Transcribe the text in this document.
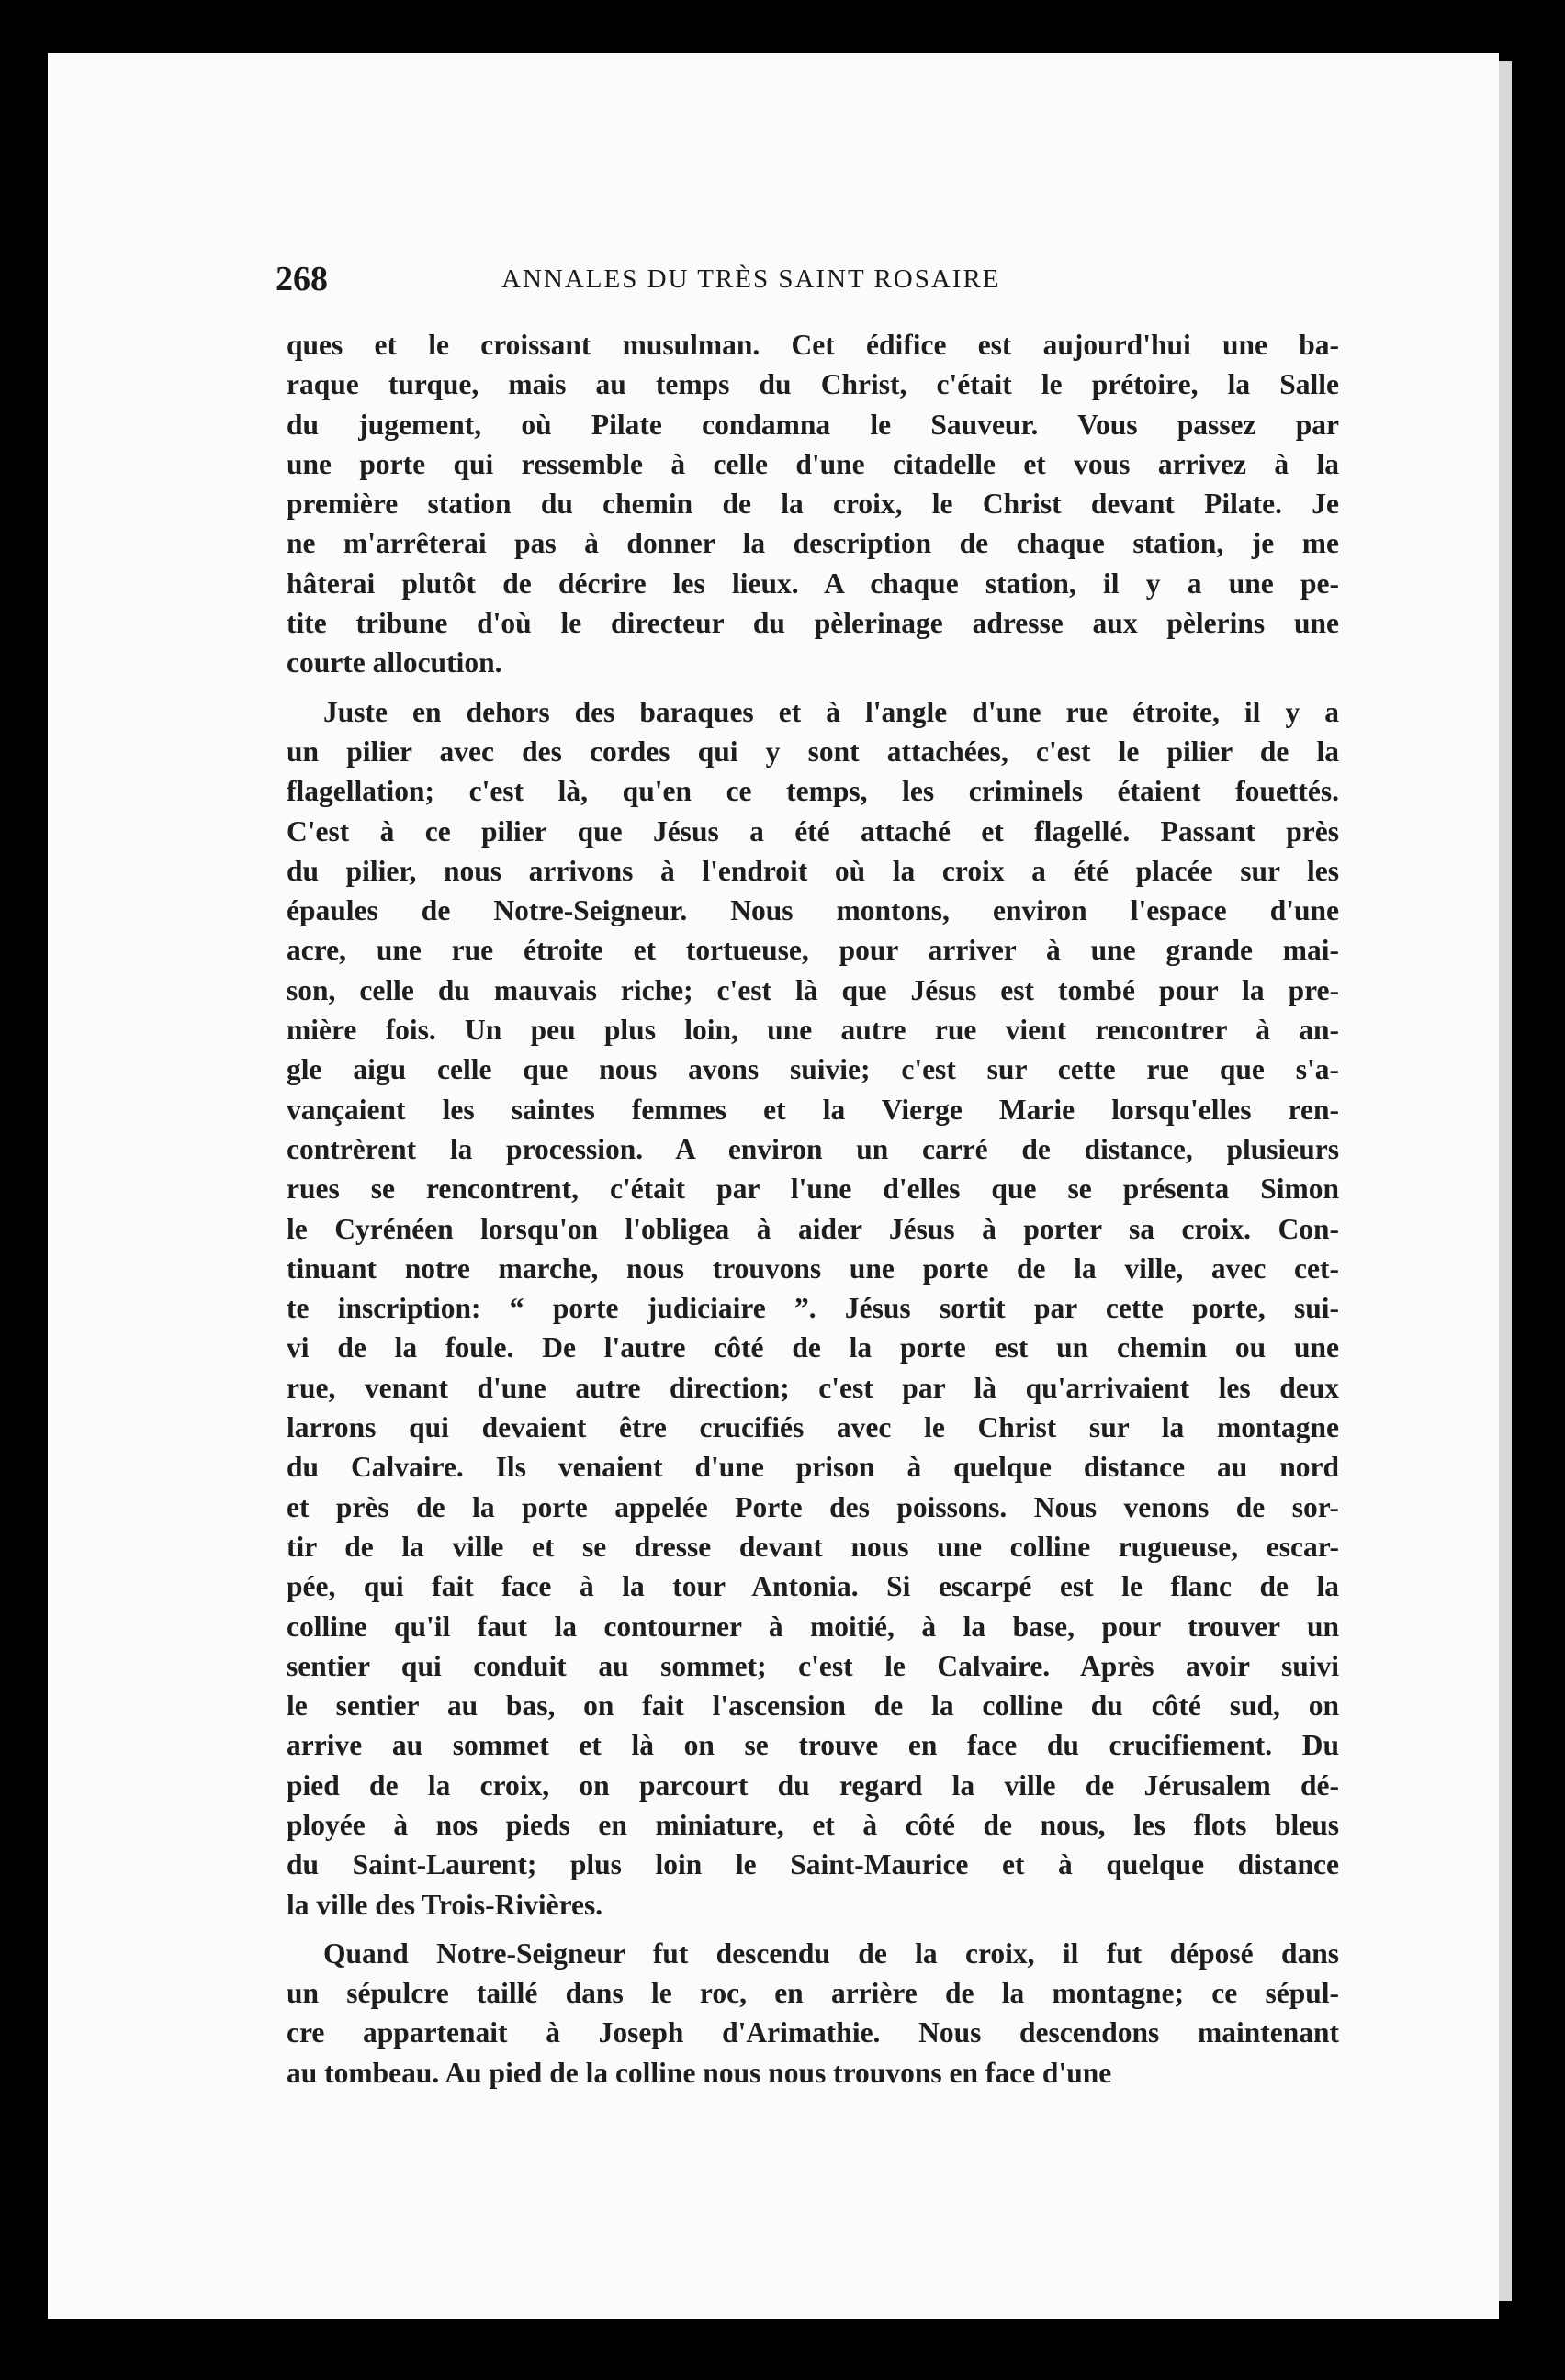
268	ANNALES DU TRÈS SAINT ROSAIRE
ques et le croissant musulman. Cet édifice est aujourd'hui une ba-
raque turque, mais au temps du Christ, c'était le prétoire, la Salle
du jugement, où Pilate condamna le Sauveur. Vous passez par
une porte qui ressemble à celle d'une citadelle et vous arrivez à la
première station du chemin de la croix, le Christ devant Pilate. Je
ne m'arrêterai pas à donner la description de chaque station, je me
hâterai plutôt de décrire les lieux. A chaque station, il y a une pe-
tite tribune d'où le directeur du pèlerinage adresse aux pèlerins une
courte allocution.
Juste en dehors des baraques et à l'angle d'une rue étroite, il y a
un pilier avec des cordes qui y sont attachées, c'est le pilier de la
flagellation; c'est là, qu'en ce temps, les criminels étaient fouettés.
C'est à ce pilier que Jésus a été attaché et flagellé. Passant près
du pilier, nous arrivons à l'endroit où la croix a été placée sur les
épaules de Notre-Seigneur. Nous montons, environ l'espace d'une
acre, une rue étroite et tortueuse, pour arriver à une grande mai-
son, celle du mauvais riche; c'est là que Jésus est tombé pour la pre-
mière fois. Un peu plus loin, une autre rue vient rencontrer à an-
gle aigu celle que nous avons suivie; c'est sur cette rue que s'a-
vançaient les saintes femmes et la Vierge Marie lorsqu'elles ren-
contrèrent la procession. A environ un carré de distance, plusieurs
rues se rencontrent, c'était par l'une d'elles que se présenta Simon
le Cyrénéen lorsqu'on l'obligea à aider Jésus à porter sa croix. Con-
tinuant notre marche, nous trouvons une porte de la ville, avec cet-
te inscription: “ porte judiciaire ”. Jésus sortit par cette porte, sui-
vi de la foule. De l'autre côté de la porte est un chemin ou une
rue, venant d'une autre direction; c'est par là qu'arrivaient les deux
larrons qui devaient être crucifiés avec le Christ sur la montagne
du Calvaire. Ils venaient d'une prison à quelque distance au nord
et près de la porte appelée Porte des poissons. Nous venons de sor-
tir de la ville et se dresse devant nous une colline rugueuse, escar-
pée, qui fait face à la tour Antonia. Si escarpé est le flanc de la
colline qu'il faut la contourner à moitié, à la base, pour trouver un
sentier qui conduit au sommet; c'est le Calvaire. Après avoir suivi
le sentier au bas, on fait l'ascension de la colline du côté sud, on
arrive au sommet et là on se trouve en face du crucifiement. Du
pied de la croix, on parcourt du regard la ville de Jérusalem dé-
ployée à nos pieds en miniature, et à côté de nous, les flots bleus
du Saint-Laurent; plus loin le Saint-Maurice et à quelque distance
la ville des Trois-Rivières.
Quand Notre-Seigneur fut descendu de la croix, il fut déposé dans
un sépulcre taillé dans le roc, en arrière de la montagne; ce sépul-
cre appartenait à Joseph d'Arimathie. Nous descendons maintenant
au tombeau. Au pied de la colline nous nous trouvons en face d'une
